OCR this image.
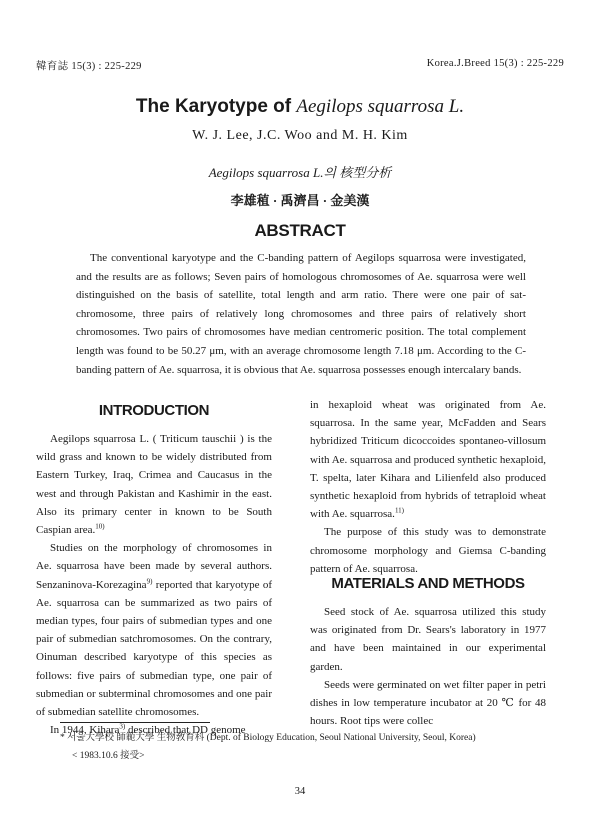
韓育誌 15(3) : 225-229	Korea.J.Breed 15(3) : 225-229
The Karyotype of Aegilops squarrosa L.
W. J. Lee, J.C. Woo and M. H. Kim
Aegilops squarrosa L.의 核型分析
李雄稙 · 禹濟昌 · 金美漢
ABSTRACT

The conventional karyotype and the C-banding pattern of Aegilops squarrosa were investigated, and the results are as follows; Seven pairs of homologous chromosomes of Ae. squarrosa were well distinguished on the basis of satellite, total length and arm ratio. There were one pair of sat-chromosome, three pairs of relatively long chromosomes and three pairs of relatively short chromosomes. Two pairs of chromosomes have median centromeric position. The total complement length was found to be 50.27 μm, with an average chromosome length 7.18 μm. According to the C-banding pattern of Ae. squarrosa, it is obvious that Ae. squarrosa possesses enough intercalary bands.

INTRODUCTION

Aegilops squarrosa L. ( Triticum tauschii ) is the wild grass and known to be widely distributed from Eastern Turkey, Iraq, Crimea and Caucasus in the west and through Pakistan and Kashimir in the east. Also its primary center in known to be South Caspian area.$^{10)}$

Studies on the morphology of chromosomes in Ae. squarrosa have been made by several authors. Senzaninova-Korezagina$^{9)}$ reported that karyotype of Ae. squarrosa can be summarized as two pairs of median types, four pairs of submedian types and one pair of submedian satchromosomes. On the contrary, Oinuman described karyotype of this species as follows: five pairs of submedian type, one pair of submedian or subterminal chromosomes and one pair of submedian satellite chromosomes.

In 1944, Kihara$^{3)}$ described that DD genome

in hexaploid wheat was originated from Ae. squarrosa. In the same year, McFadden and Sears hybridized Triticum dicoccoides spontaneo-villosum with Ae. squarrosa and produced synthetic hexaploid, T. spelta, later Kihara and Lilienfeld also produced synthetic hexaploid from hybrids of tetraploid wheat with Ae. squarrosa.$^{11)}$

The purpose of this study was to demonstrate chromosome morphology and Giemsa C-banding pattern of Ae. squarrosa.

MATERIALS AND METHODS

Seed stock of Ae. squarrosa utilized this study was originated from Dr. Sears's laboratory in 1977 and have been maintained in our experimental garden.

Seeds were germinated on wet filter paper in petri dishes in low temperature incubator at 20 ℃ for 48 hours. Root tips were collec

* 서울大學校 師範大學 生物敎育科 (Dept. of Biology Education, Seoul National University, Seoul, Korea)
< 1983.10.6 接受>
34
